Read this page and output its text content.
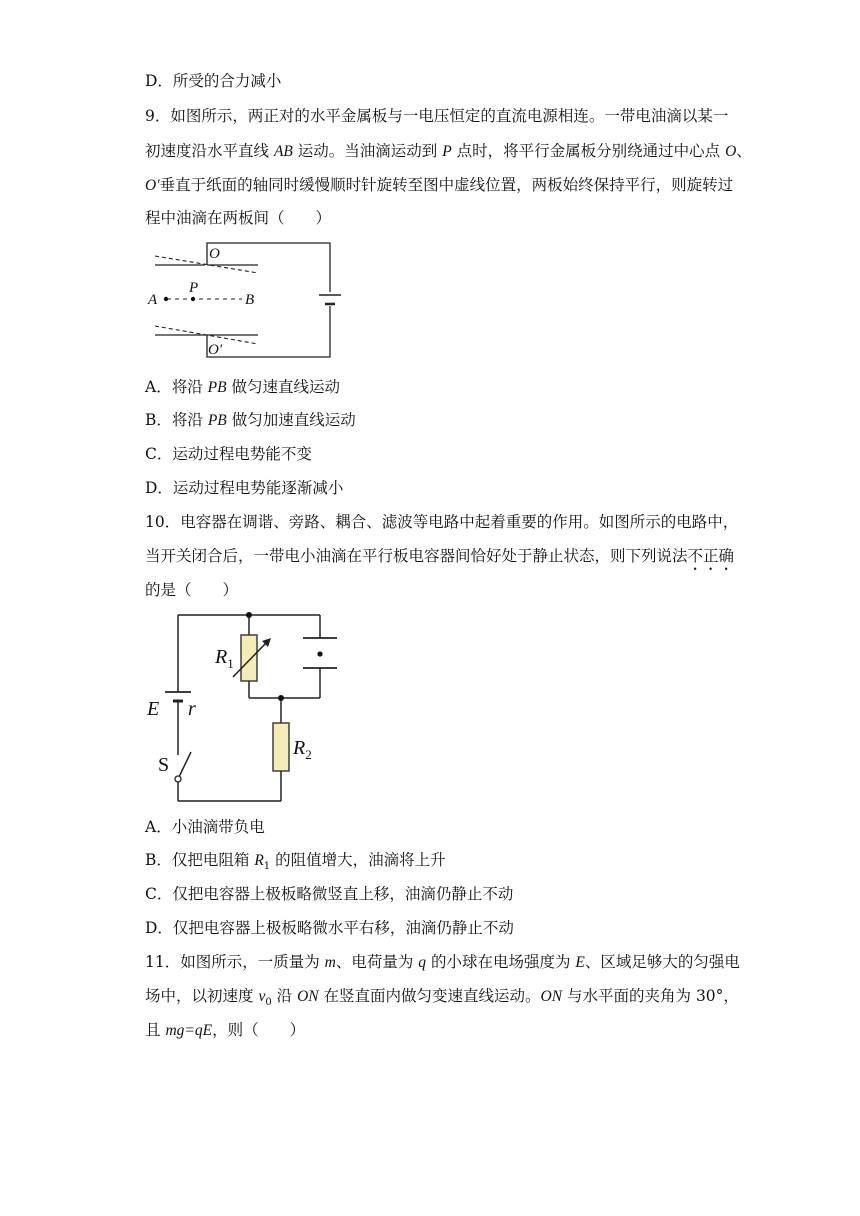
D．所受的合力减小
9．如图所示，两正对的水平金属板与一电压恒定的直流电源相连。一带电油滴以某一
初速度沿水平直线 AB 运动。当油滴运动到 P 点时，将平行金属板分别绕通过中心点 O、
O′垂直于纸面的轴同时缓慢顺时针旋转至图中虚线位置，两板始终保持平行，则旋转过
程中油滴在两板间（　　）
O
A
P
B
O′
A．将沿 PB 做匀速直线运动
B．将沿 PB 做匀加速直线运动
C．运动过程电势能不变
D．运动过程电势能逐渐减小
10．电容器在调谐、旁路、耦合、滤波等电路中起着重要的作用。如图所示的电路中，
当开关闭合后，一带电小油滴在平行板电容器间恰好处于静止状态，则下列说法不正确
的是（　　）
$R_1$
$R_2$
E r
S
A．小油滴带负电
B．仅把电阻箱 $R_1$ 的阻值增大，油滴将上升
C．仅把电容器上极板略微竖直上移，油滴仍静止不动
D．仅把电容器上极板略微水平右移，油滴仍静止不动
11．如图所示，一质量为 m、电荷量为 q 的小球在电场强度为 E、区域足够大的匀强电
场中，以初速度 $v_0$ 沿 ON 在竖直面内做匀变速直线运动。ON 与水平面的夹角为 30°，
且 mg=qE，则（　　）
